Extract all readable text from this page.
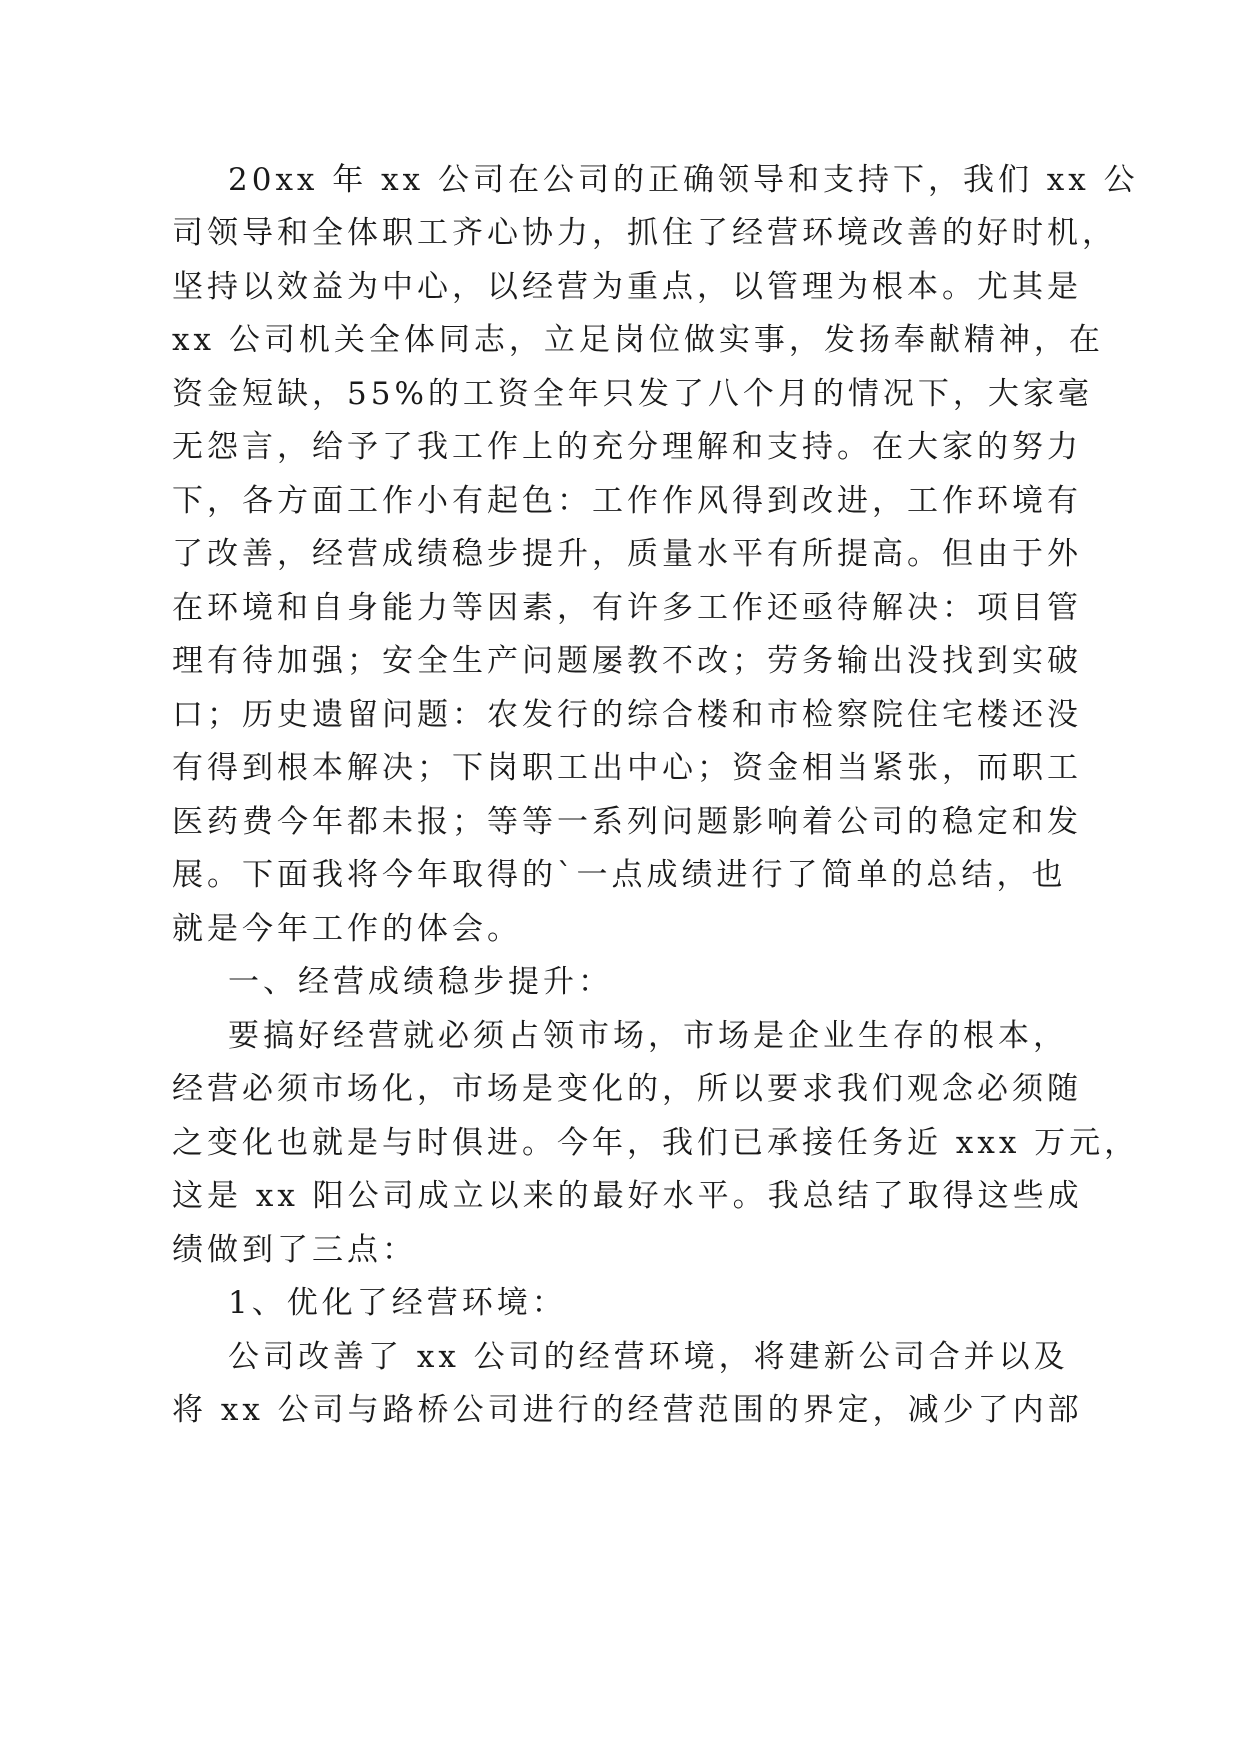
20xx 年 xx 公司在公司的正确领导和支持下，我们 xx 公
司领导和全体职工齐心协力，抓住了经营环境改善的好时机，
坚持以效益为中心，以经营为重点，以管理为根本。尤其是
xx 公司机关全体同志，立足岗位做实事，发扬奉献精神，在
资金短缺，55%的工资全年只发了八个月的情况下，大家毫
无怨言，给予了我工作上的充分理解和支持。在大家的努力
下，各方面工作小有起色：工作作风得到改进，工作环境有
了改善，经营成绩稳步提升，质量水平有所提高。但由于外
在环境和自身能力等因素，有许多工作还亟待解决：项目管
理有待加强；安全生产问题屡教不改；劳务输出没找到实破
口；历史遗留问题：农发行的综合楼和市检察院住宅楼还没
有得到根本解决；下岗职工出中心；资金相当紧张，而职工
医药费今年都未报；等等一系列问题影响着公司的稳定和发
展。下面我将今年取得的`一点成绩进行了简单的总结，也
就是今年工作的体会。
一、经营成绩稳步提升：
要搞好经营就必须占领市场，市场是企业生存的根本，
经营必须市场化，市场是变化的，所以要求我们观念必须随
之变化也就是与时俱进。今年，我们已承接任务近 xxx 万元，
这是 xx 阳公司成立以来的最好水平。我总结了取得这些成
绩做到了三点：
1、优化了经营环境：
公司改善了 xx 公司的经营环境，将建新公司合并以及
将 xx 公司与路桥公司进行的经营范围的界定，减少了内部
